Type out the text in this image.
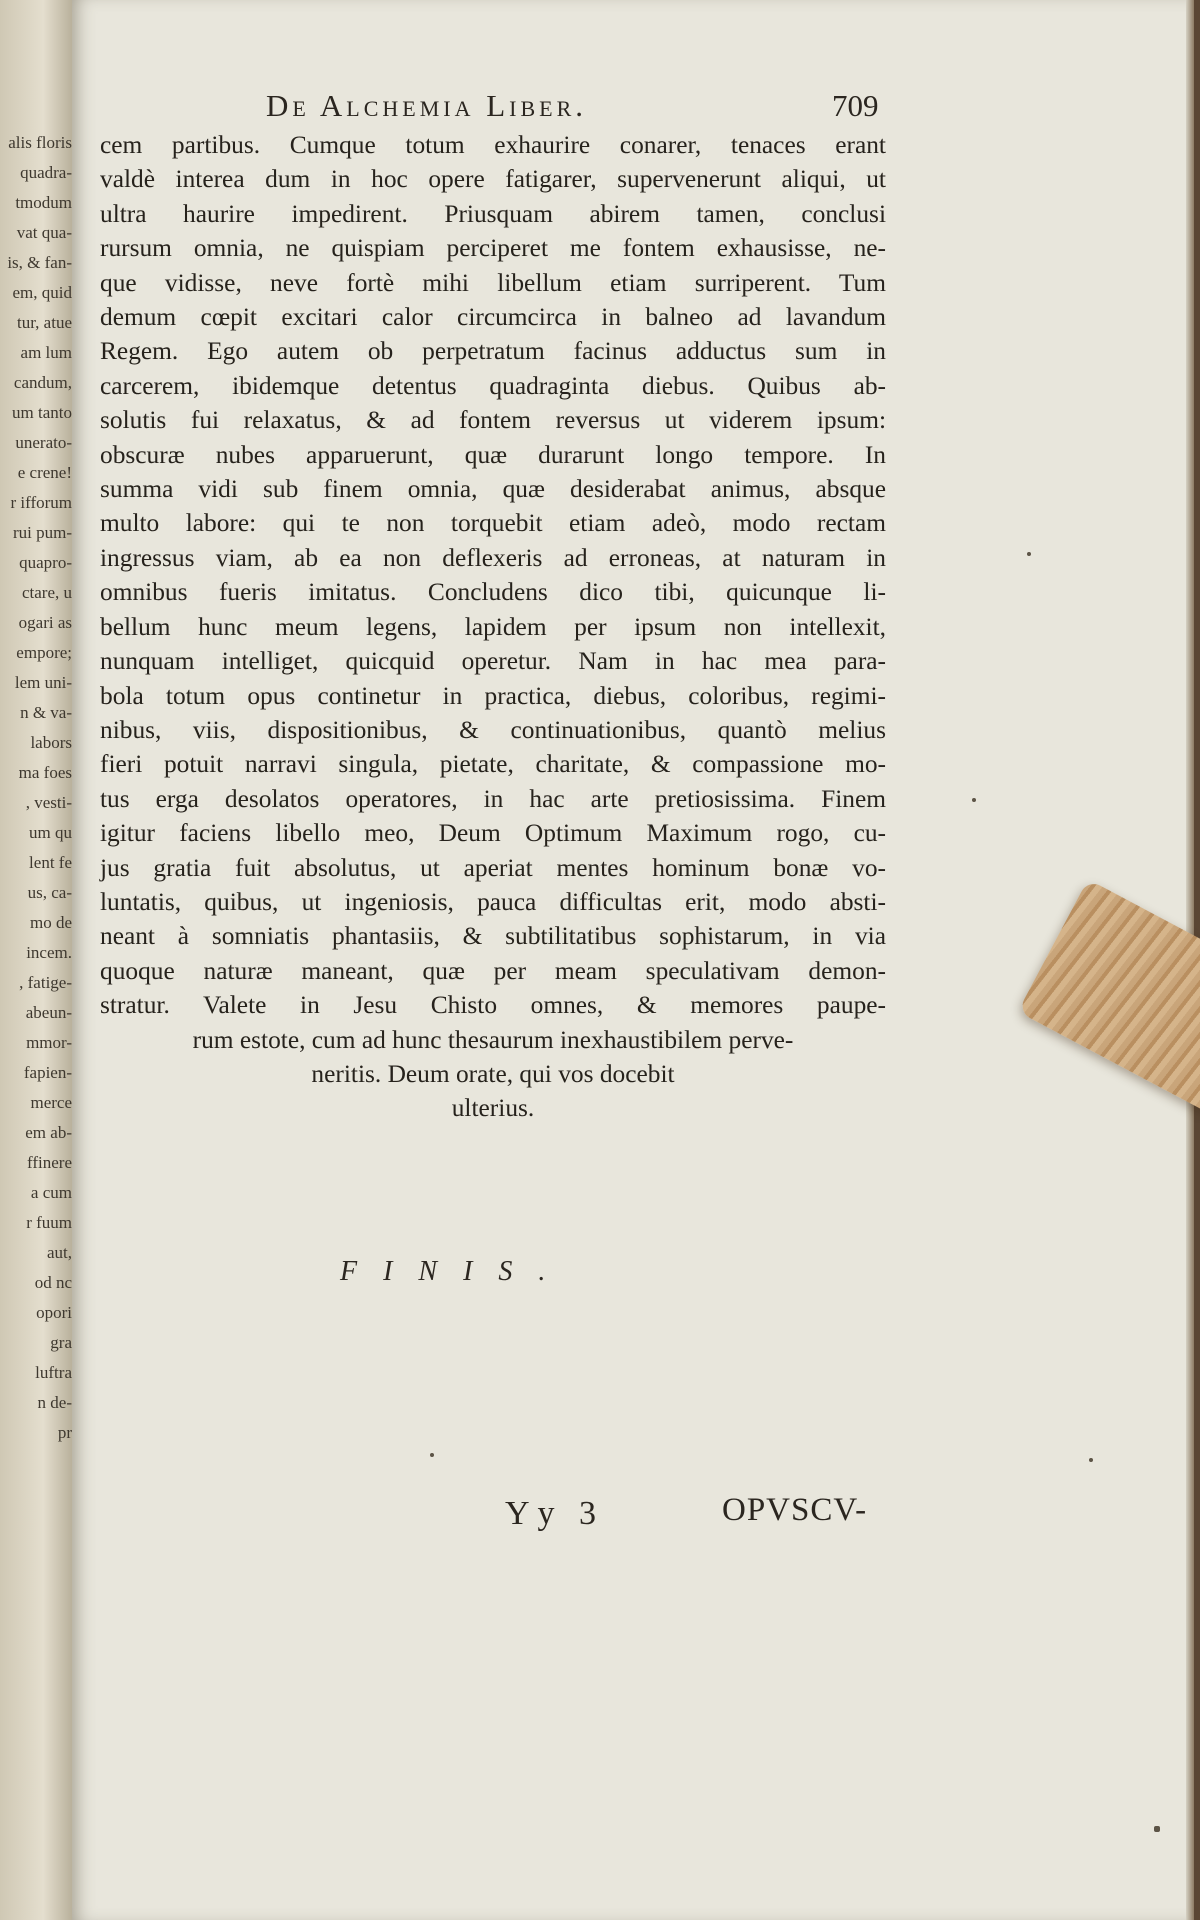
alis floris
quadra-
tmodum
vat qua-
is, & fan-
em, quid
tur, atue
am lum
candum,
um tanto
unerato-
e crene!
r ifforum
rui pum-
quapro-
ctare, u
ogari as
empore;
lem uni-
n & va-
labors
ma foes
, vesti-
um qu
lent fe
us, ca-
mo de
incem.
, fatige-
abeun-
mmor-
fapien-
merce
em ab-
ffinere
a cum
r fuum
aut,
od nc
opori
gra
luftra
n de-
pr
De Alchemia Liber.	709
cem partibus. Cumque totum exhaurire conarer, tenaces erant
valdè interea dum in hoc opere fatigarer, supervenerunt aliqui, ut
ultra haurire impedirent. Priusquam abirem tamen, conclusi
rursum omnia, ne quispiam perciperet me fontem exhausisse, ne-
que vidisse, neve fortè mihi libellum etiam surriperent. Tum
demum cœpit excitari calor circumcirca in balneo ad lavandum
Regem. Ego autem ob perpetratum facinus adductus sum in
carcerem, ibidemque detentus quadraginta diebus. Quibus ab-
solutis fui relaxatus, & ad fontem reversus ut viderem ipsum:
obscuræ nubes apparuerunt, quæ durarunt longo tempore. In
summa vidi sub finem omnia, quæ desiderabat animus, absque
multo labore: qui te non torquebit etiam adeò, modo rectam
ingressus viam, ab ea non deflexeris ad erroneas, at naturam in
omnibus fueris imitatus. Concludens dico tibi, quicunque li-
bellum hunc meum legens, lapidem per ipsum non intellexit,
nunquam intelliget, quicquid operetur. Nam in hac mea para-
bola totum opus continetur in practica, diebus, coloribus, regimi-
nibus, viis, dispositionibus, & continuationibus, quantò melius
fieri potuit narravi singula, pietate, charitate, & compassione mo-
tus erga desolatos operatores, in hac arte pretiosissima. Finem
igitur faciens libello meo, Deum Optimum Maximum rogo, cu-
jus gratia fuit absolutus, ut aperiat mentes hominum bonæ vo-
luntatis, quibus, ut ingeniosis, pauca difficultas erit, modo absti-
neant à somniatis phantasiis, & subtilitatibus sophistarum, in via
quoque naturæ maneant, quæ per meam speculativam demon-
stratur. Valete in Jesu Chisto omnes, & memores paupe-
rum estote, cum ad hunc thesaurum inexhaustibilem perve-
neritis. Deum orate, qui vos docebit
ulterius.
FINIS.
Yy 3	OPVSCV-
